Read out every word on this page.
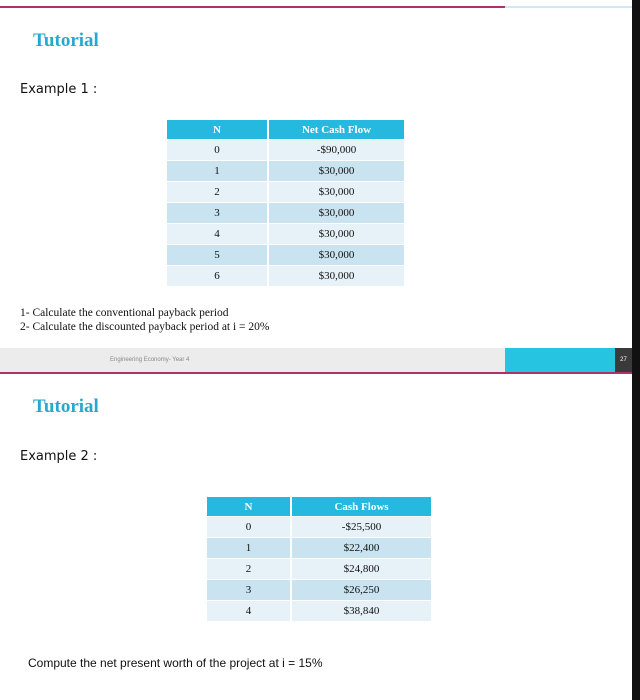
Tutorial
Example 1 :
N	Net Cash Flow
0	-$90,000
1	$30,000
2	$30,000
3	$30,000
4	$30,000
5	$30,000
6	$30,000
1- Calculate the conventional payback period
2- Calculate the discounted payback period at i = 20%
Engineering Economy- Year 4	27
Tutorial
Example 2 :
N	Cash Flows
0	-$25,500
1	$22,400
2	$24,800
3	$26,250
4	$38,840
Compute the net present worth of the project at i = 15%
